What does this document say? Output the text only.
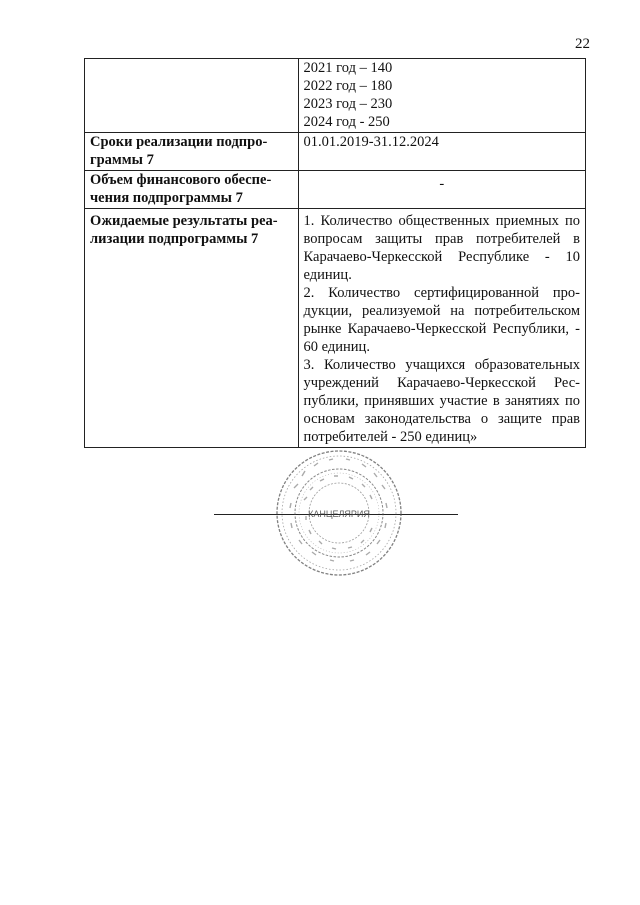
22

	2021 год – 140
2022 год – 180
2023 год – 230
2024 год - 250

Сроки реализации подпро-граммы 7	01.01.2019-31.12.2024
Объем финансового обеспе-чения подпрограммы 7	-

Ожидаемые результаты реа-лизации подпрограммы 7	1. Количество общественных приемных по вопросам защиты прав потребителей в Карачаево-Черкесской Республике - 10 единиц.
2. Количество сертифицированной про-дукции, реализуемой на потребительском рынке Карачаево-Черкесской Республики, - 60 единиц.
3. Количество учащихся образовательных учреждений Карачаево-Черкесской Рес-публики, принявших участие в занятиях по основам законодательства о защите прав потребителей - 250 единиц»
КАНЦЕЛЯРИЯ
